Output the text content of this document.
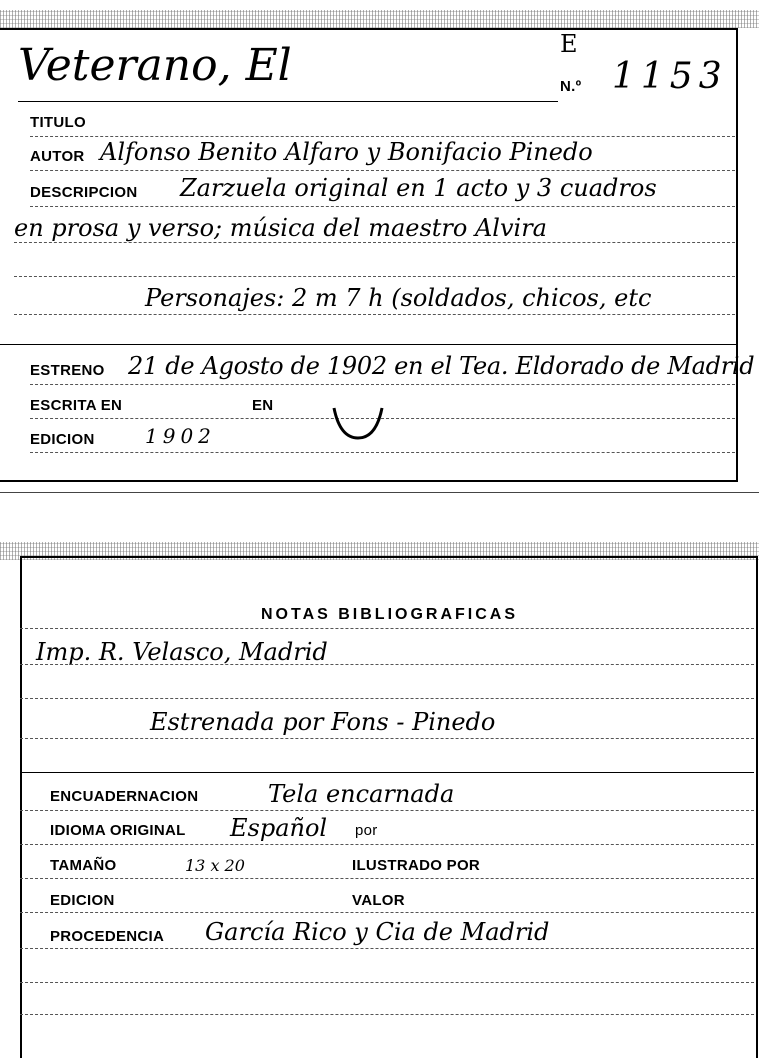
Veterano, El	E
N.º 1153
TITULO
AUTOR Alfonso Benito Alfaro y Bonifacio Pinedo
DESCRIPCION Zarzuela original en 1 acto y 3 cuadros
en prosa y verso; música del maestro Alvira
Personajes: 2 m 7 h (soldados, chicos, etc
ESTRENO 21 de Agosto de 1902 en el Tea. Eldorado de Madrid
ESCRITA EN	EN
EDICION	1902
NOTAS BIBLIOGRAFICAS
Imp. R. Velasco, Madrid
Estrenada por Fons - Pinedo
ENCUADERNACION	Tela encarnada
IDIOMA ORIGINAL Español por
TAMAÑO	13 x 20	ILUSTRADO POR
EDICION	VALOR
PROCEDENCIA García Rico y Cia de Madrid
